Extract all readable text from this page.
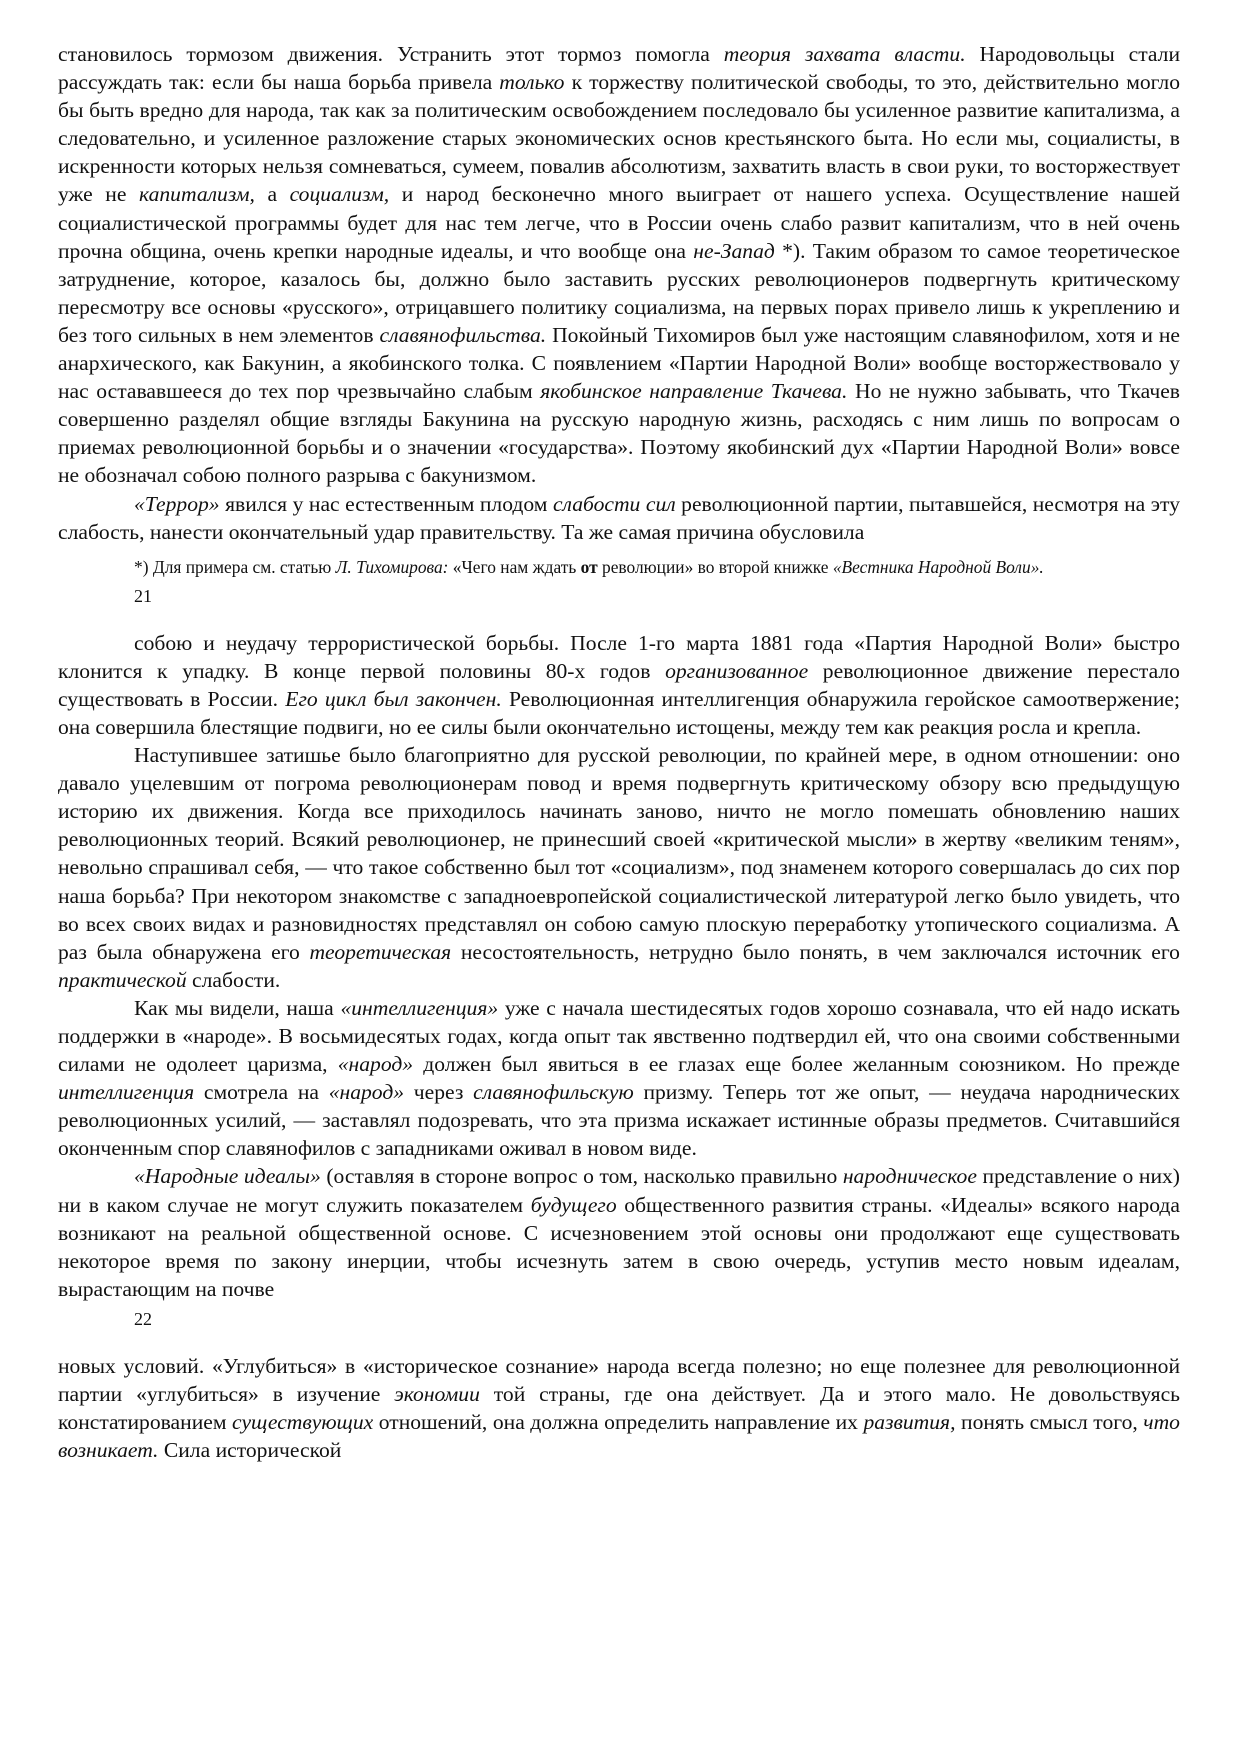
становилось тормозом движения. Устранить этот тормоз помогла теория захвата власти. Народовольцы стали рассуждать так: если бы наша борьба привела только к торжеству политической свободы, то это, действительно могло бы быть вредно для народа, так как за политическим освобождением последовало бы усиленное развитие капитализма, а следовательно, и усиленное разложение старых экономических основ крестьянского быта. Но если мы, социалисты, в искренности которых нельзя сомневаться, сумеем, повалив абсолютизм, захватить власть в свои руки, то восторжествует уже не капитализм, а социализм, и народ бесконечно много выиграет от нашего успеха. Осуществление нашей социалистической программы будет для нас тем легче, что в России очень слабо развит капитализм, что в ней очень прочна община, очень крепки народные идеалы, и что вообще она не-Запад *). Таким образом то самое теоретическое затруднение, которое, казалось бы, должно было заставить русских революционеров подвергнуть критическому пересмотру все основы «русского», отрицавшего политику социализма, на первых порах привело лишь к укреплению и без того сильных в нем элементов славянофильства. Покойный Тихомиров был уже настоящим славянофилом, хотя и не анархического, как Бакунин, а якобинского толка. С появлением «Партии Народной Воли» вообще восторжествовало у нас остававшееся до тех пор чрезвычайно слабым якобинское направление Ткачева. Но не нужно забывать, что Ткачев совершенно разделял общие взгляды Бакунина на русскую народную жизнь, расходясь с ним лишь по вопросам о приемах революционной борьбы и о значении «государства». Поэтому якобинский дух «Партии Народной Воли» вовсе не обозначал собою полного разрыва с бакунизмом.

«Террор» явился у нас естественным плодом слабости сил революционной партии, пытавшейся, несмотря на эту слабость, нанести окончательный удар правительству. Та же самая причина обусловила

*) Для примера см. статью Л. Тихомирова: «Чего нам ждать от революции» во второй книжке «Вестника Народной Воли».

21

собою и неудачу террористической борьбы. После 1-го марта 1881 года «Партия Народной Воли» быстро клонится к упадку. В конце первой половины 80-х годов организованное революционное движение перестало существовать в России. Его цикл был закончен. Революционная интеллигенция обнаружила геройское самоотвержение; она совершила блестящие подвиги, но ее силы были окончательно истощены, между тем как реакция росла и крепла.

Наступившее затишье было благоприятно для русской революции, по крайней мере, в одном отношении: оно давало уцелевшим от погрома революционерам повод и время подвергнуть критическому обзору всю предыдущую историю их движения. Когда все приходилось начинать заново, ничто не могло помешать обновлению наших революционных теорий. Всякий революционер, не принесший своей «критической мысли» в жертву «великим теням», невольно спрашивал себя, — что такое собственно был тот «социализм», под знаменем которого совершалась до сих пор наша борьба? При некотором знакомстве с западноевропейской социалистической литературой легко было увидеть, что во всех своих видах и разновидностях представлял он собою самую плоскую переработку утопического социализма. А раз была обнаружена его теоретическая несостоятельность, нетрудно было понять, в чем заключался источник его практической слабости.

Как мы видели, наша «интеллигенция» уже с начала шестидесятых годов хорошо сознавала, что ей надо искать поддержки в «народе». В восьмидесятых годах, когда опыт так явственно подтвердил ей, что она своими собственными силами не одолеет царизма, «народ» должен был явиться в ее глазах еще более желанным союзником. Но прежде интеллигенция смотрела на «народ» через славянофильскую призму. Теперь тот же опыт, — неудача народнических революционных усилий, — заставлял подозревать, что эта призма искажает истинные образы предметов. Считавшийся оконченным спор славянофилов с западниками оживал в новом виде.

«Народные идеалы» (оставляя в стороне вопрос о том, насколько правильно народническое представление о них) ни в каком случае не могут служить показателем будущего общественного развития страны. «Идеалы» всякого народа возникают на реальной общественной основе. С исчезновением этой основы они продолжают еще существовать некоторое время по закону инерции, чтобы исчезнуть затем в свою очередь, уступив место новым идеалам, вырастающим на почве

22

новых условий. «Углубиться» в «историческое сознание» народа всегда полезно; но еще полезнее для революционной партии «углубиться» в изучение экономии той страны, где она действует. Да и этого мало. Не довольствуясь констатированием существующих отношений, она должна определить направление их развития, понять смысл того, что возникает. Сила исторической
